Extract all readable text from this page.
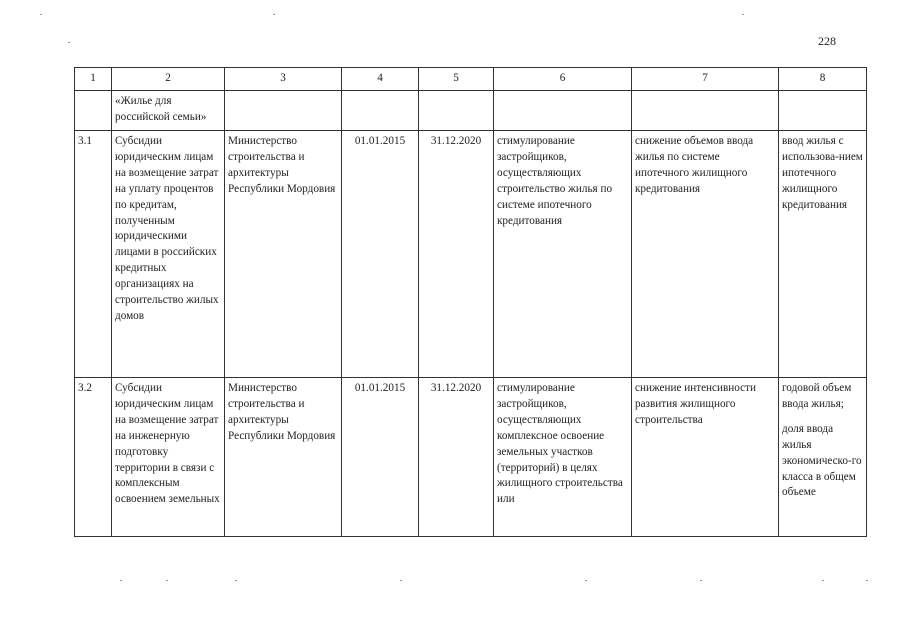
228
1	2	3	4	5	6	7	8
	«Жилье для российской семьи»						
3.1	Субсидии юридическим лицам на возмещение затрат на уплату процентов по кредитам, полученным юридическими лицами в российских кредитных организациях на строительство жилых домов	Министерство строительства и архитектуры Республики Мордовия	01.01.2015	31.12.2020	стимулирование застройщиков, осуществляющих строительство жилья по системе ипотечного кредитования	снижение объемов ввода жилья по системе ипотечного жилищного кредитования	ввод жилья с использова-нием ипотечного жилищного кредитования

3.2	Субсидии юридическим лицам на возмещение затрат на инженерную подготовку территории в связи с комплексным освоением земельных	Министерство строительства и архитектуры Республики Мордовия	01.01.2015	31.12.2020	стимулирование застройщиков, осуществляющих комплексное освоение земельных участков (территорий) в целях жилищного строительства или	снижение интенсивности развития жилищного строительства	годовой объем ввода жилья;
доля ввода жилья экономическо-го класса в общем объеме
